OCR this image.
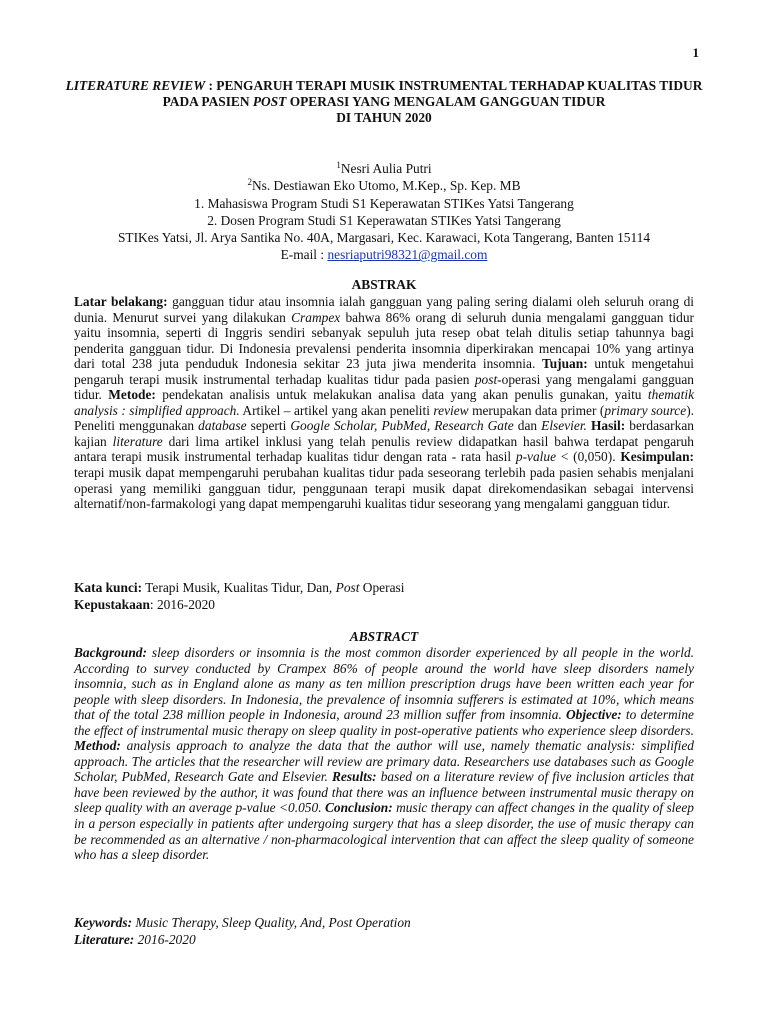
1
LITERATURE REVIEW : PENGARUH TERAPI MUSIK INSTRUMENTAL TERHADAP KUALITAS TIDUR PADA PASIEN POST OPERASI YANG MENGALAM GANGGUAN TIDUR
DI TAHUN 2020
$^1$Nesri Aulia Putri
$^2$Ns. Destiawan Eko Utomo, M.Kep., Sp. Kep. MB
1. Mahasiswa Program Studi S1 Keperawatan STIKes Yatsi Tangerang
2. Dosen Program Studi S1 Keperawatan STIKes Yatsi Tangerang
STIKes Yatsi, Jl. Arya Santika No. 40A, Margasari, Kec. Karawaci, Kota Tangerang, Banten 15114
E-mail : nesriaputri98321@gmail.com
ABSTRAK
Latar belakang: gangguan tidur atau insomnia ialah gangguan yang paling sering dialami oleh seluruh orang di dunia. Menurut survei yang dilakukan Crampex bahwa 86% orang di seluruh dunia mengalami gangguan tidur yaitu insomnia, seperti di Inggris sendiri sebanyak sepuluh juta resep obat telah ditulis setiap tahunnya bagi penderita gangguan tidur. Di Indonesia prevalensi penderita insomnia diperkirakan mencapai 10% yang artinya dari total 238 juta penduduk Indonesia sekitar 23 juta jiwa menderita insomnia. Tujuan: untuk mengetahui pengaruh terapi musik instrumental terhadap kualitas tidur pada pasien post-operasi yang mengalami gangguan tidur. Metode: pendekatan analisis untuk melakukan analisa data yang akan penulis gunakan, yaitu thematik analysis : simplified approach. Artikel – artikel yang akan peneliti review merupakan data primer (primary source). Peneliti menggunakan database seperti Google Scholar, PubMed, Research Gate dan Elsevier. Hasil: berdasarkan kajian literature dari lima artikel inklusi yang telah penulis review didapatkan hasil bahwa terdapat pengaruh antara terapi musik instrumental terhadap kualitas tidur dengan rata - rata hasil p-value < (0,050). Kesimpulan: terapi musik dapat mempengaruhi perubahan kualitas tidur pada seseorang terlebih pada pasien sehabis menjalani operasi yang memiliki gangguan tidur, penggunaan terapi musik dapat direkomendasikan sebagai intervensi alternatif/non-farmakologi yang dapat mempengaruhi kualitas tidur seseorang yang mengalami gangguan tidur.
Kata kunci: Terapi Musik, Kualitas Tidur, Dan, Post Operasi
Kepustakaan: 2016-2020
ABSTRACT
Background: sleep disorders or insomnia is the most common disorder experienced by all people in the world. According to survey conducted by Crampex 86% of people around the world have sleep disorders namely insomnia, such as in England alone as many as ten million prescription drugs have been written each year for people with sleep disorders. In Indonesia, the prevalence of insomnia sufferers is estimated at 10%, which means that of the total 238 million people in Indonesia, around 23 million suffer from insomnia. Objective: to determine the effect of instrumental music therapy on sleep quality in post-operative patients who experience sleep disorders. Method: analysis approach to analyze the data that the author will use, namely thematic analysis: simplified approach. The articles that the researcher will review are primary data. Researchers use databases such as Google Scholar, PubMed, Research Gate and Elsevier. Results: based on a literature review of five inclusion articles that have been reviewed by the author, it was found that there was an influence between instrumental music therapy on sleep quality with an average p-value <0.050. Conclusion: music therapy can affect changes in the quality of sleep in a person especially in patients after undergoing surgery that has a sleep disorder, the use of music therapy can be recommended as an alternative / non-pharmacological intervention that can affect the sleep quality of someone who has a sleep disorder.
Keywords: Music Therapy, Sleep Quality, And, Post Operation
Literature: 2016-2020
